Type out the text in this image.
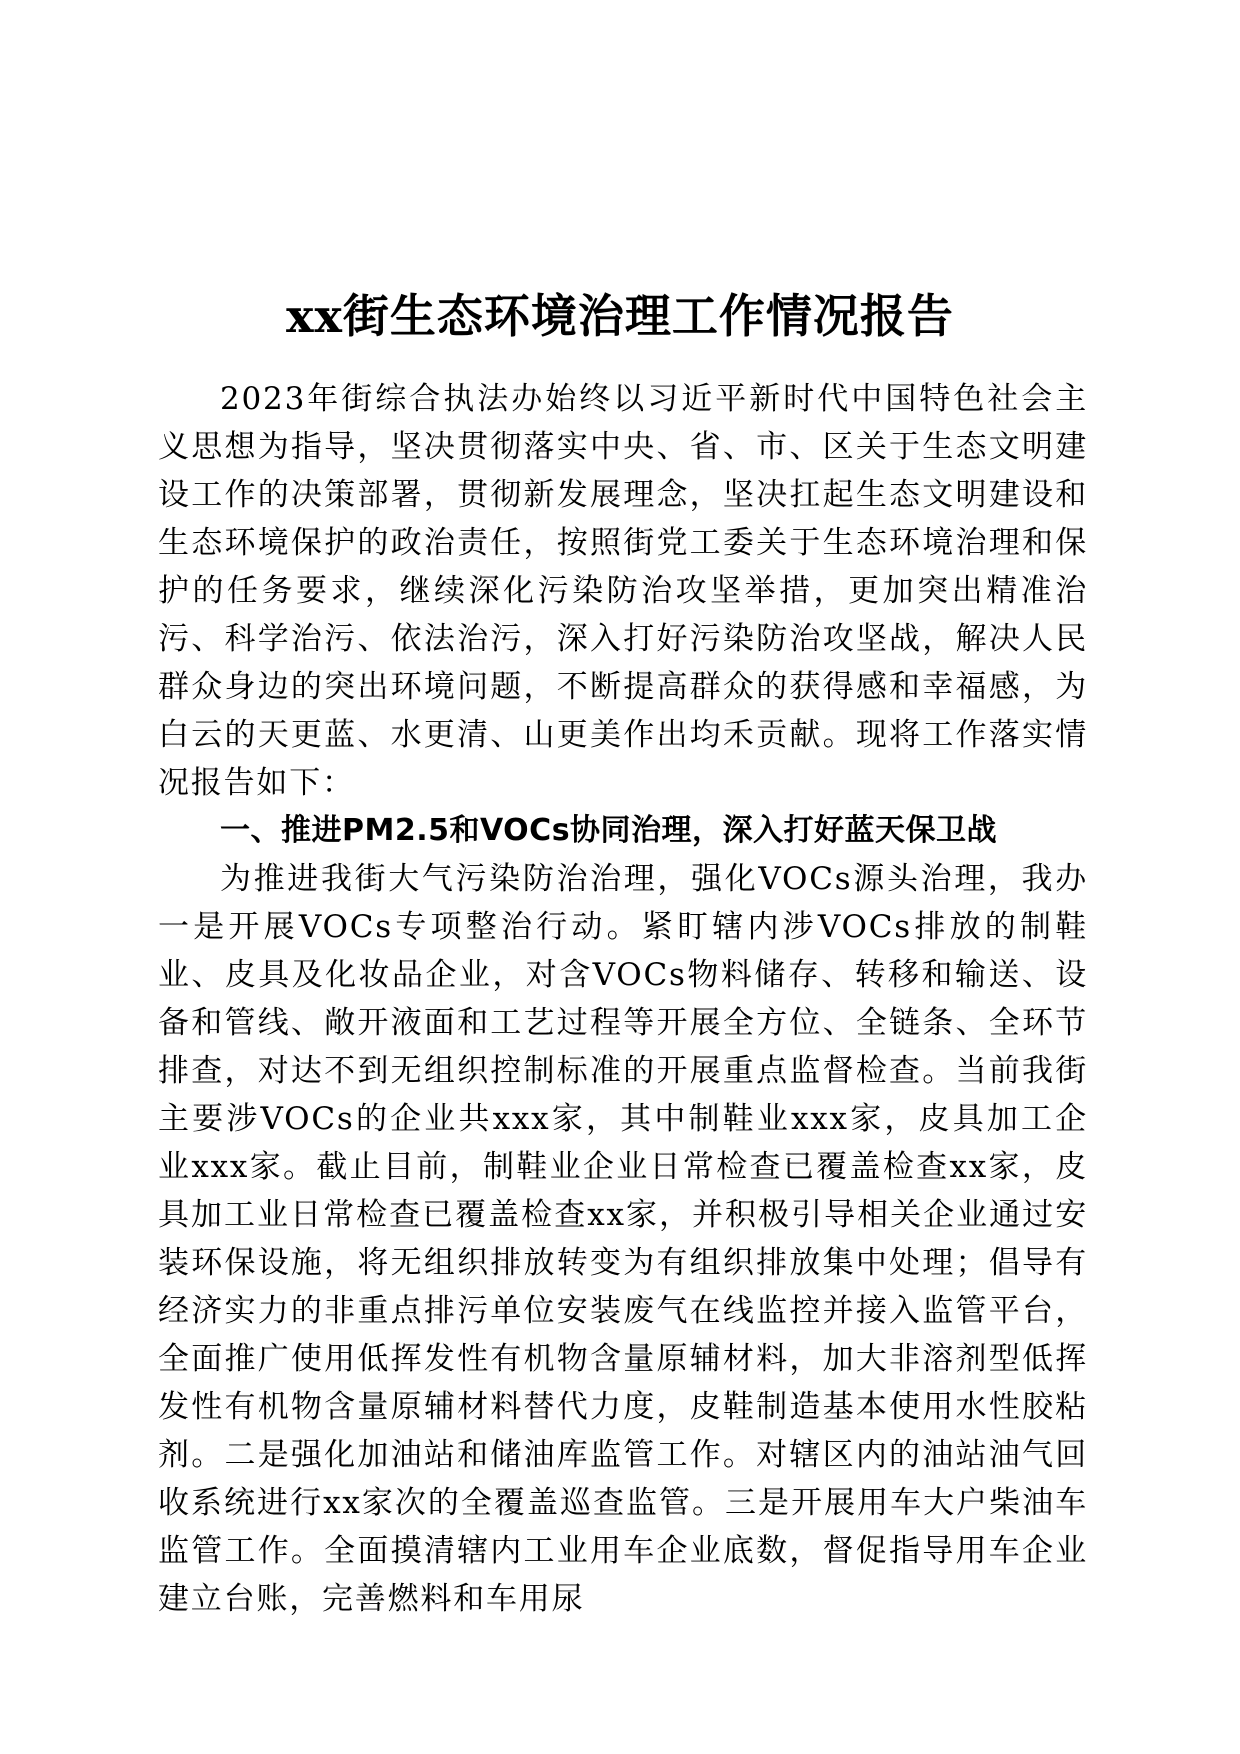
xx街生态环境治理工作情况报告

2023年街综合执法办始终以习近平新时代中国特色社会主义思想为指导，坚决贯彻落实中央、省、市、区关于生态文明建设工作的决策部署，贯彻新发展理念，坚决扛起生态文明建设和生态环境保护的政治责任，按照街党工委关于生态环境治理和保护的任务要求，继续深化污染防治攻坚举措，更加突出精准治污、科学治污、依法治污，深入打好污染防治攻坚战，解决人民群众身边的突出环境问题，不断提高群众的获得感和幸福感，为白云的天更蓝、水更清、山更美作出均禾贡献。现将工作落实情况报告如下：

一、推进PM2.5和VOCs协同治理，深入打好蓝天保卫战

为推进我街大气污染防治治理，强化VOCs源头治理，我办一是开展VOCs专项整治行动。紧盯辖内涉VOCs排放的制鞋业、皮具及化妆品企业，对含VOCs物料储存、转移和输送、设备和管线、敞开液面和工艺过程等开展全方位、全链条、全环节排查，对达不到无组织控制标准的开展重点监督检查。当前我街主要涉VOCs的企业共xxx家，其中制鞋业xxx家，皮具加工企业xxx家。截止目前，制鞋业企业日常检查已覆盖检查xx家，皮具加工业日常检查已覆盖检查xx家，并积极引导相关企业通过安装环保设施，将无组织排放转变为有组织排放集中处理；倡导有经济实力的非重点排污单位安装废气在线监控并接入监管平台，全面推广使用低挥发性有机物含量原辅材料，加大非溶剂型低挥发性有机物含量原辅材料替代力度，皮鞋制造基本使用水性胶粘剂。二是强化加油站和储油库监管工作。对辖区内的油站油气回收系统进行xx家次的全覆盖巡查监管。三是开展用车大户柴油车监管工作。全面摸清辖内工业用车企业底数，督促指导用车企业建立台账，完善燃料和车用尿
